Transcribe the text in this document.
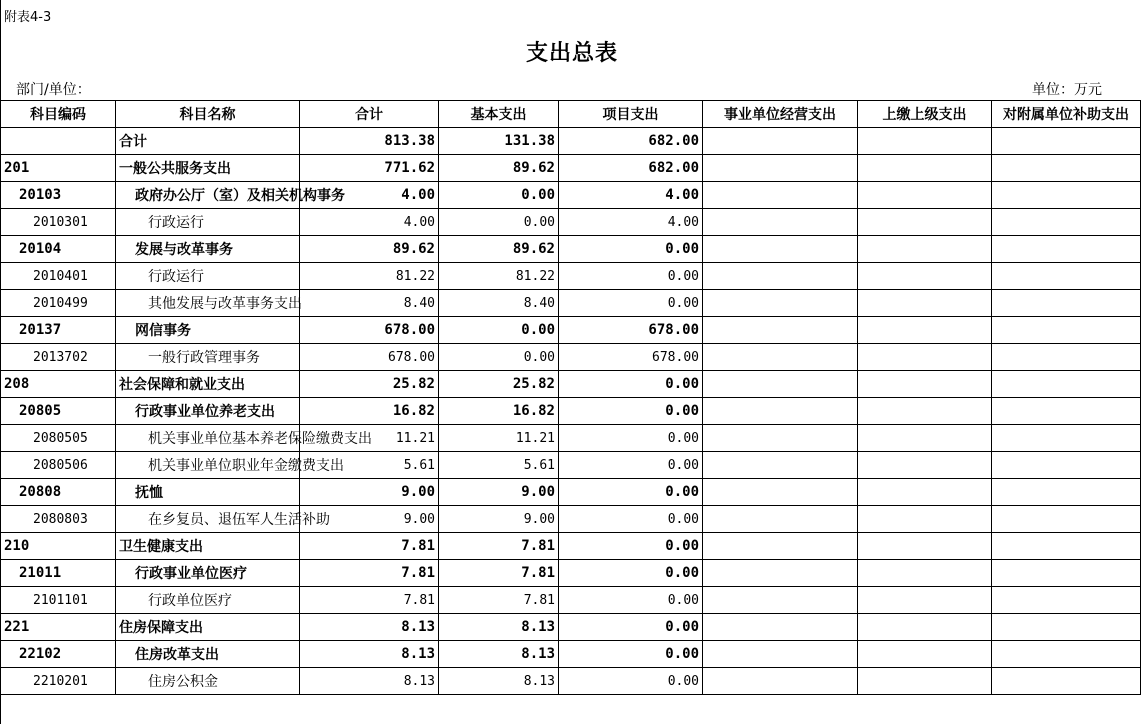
附表4-3
支出总表
部门/单位：	单位：万元
科目编码	科目名称	合计	基本支出	项目支出	事业单位经营支出	上缴上级支出	对附属单位补助支出
	合计	813.38	131.38	682.00			
201	一般公共服务支出	771.62	89.62	682.00			
20103	政府办公厅（室）及相关机构事务	4.00	0.00	4.00			
2010301	行政运行	4.00	0.00	4.00			
20104	发展与改革事务	89.62	89.62	0.00			
2010401	行政运行	81.22	81.22	0.00			
2010499	其他发展与改革事务支出	8.40	8.40	0.00			
20137	网信事务	678.00	0.00	678.00			
2013702	一般行政管理事务	678.00	0.00	678.00			
208	社会保障和就业支出	25.82	25.82	0.00			
20805	行政事业单位养老支出	16.82	16.82	0.00			
2080505	机关事业单位基本养老保险缴费支出	11.21	11.21	0.00			
2080506	机关事业单位职业年金缴费支出	5.61	5.61	0.00			
20808	抚恤	9.00	9.00	0.00			
2080803	在乡复员、退伍军人生活补助	9.00	9.00	0.00			
210	卫生健康支出	7.81	7.81	0.00			
21011	行政事业单位医疗	7.81	7.81	0.00			
2101101	行政单位医疗	7.81	7.81	0.00			
221	住房保障支出	8.13	8.13	0.00			
22102	住房改革支出	8.13	8.13	0.00			
2210201	住房公积金	8.13	8.13	0.00			
